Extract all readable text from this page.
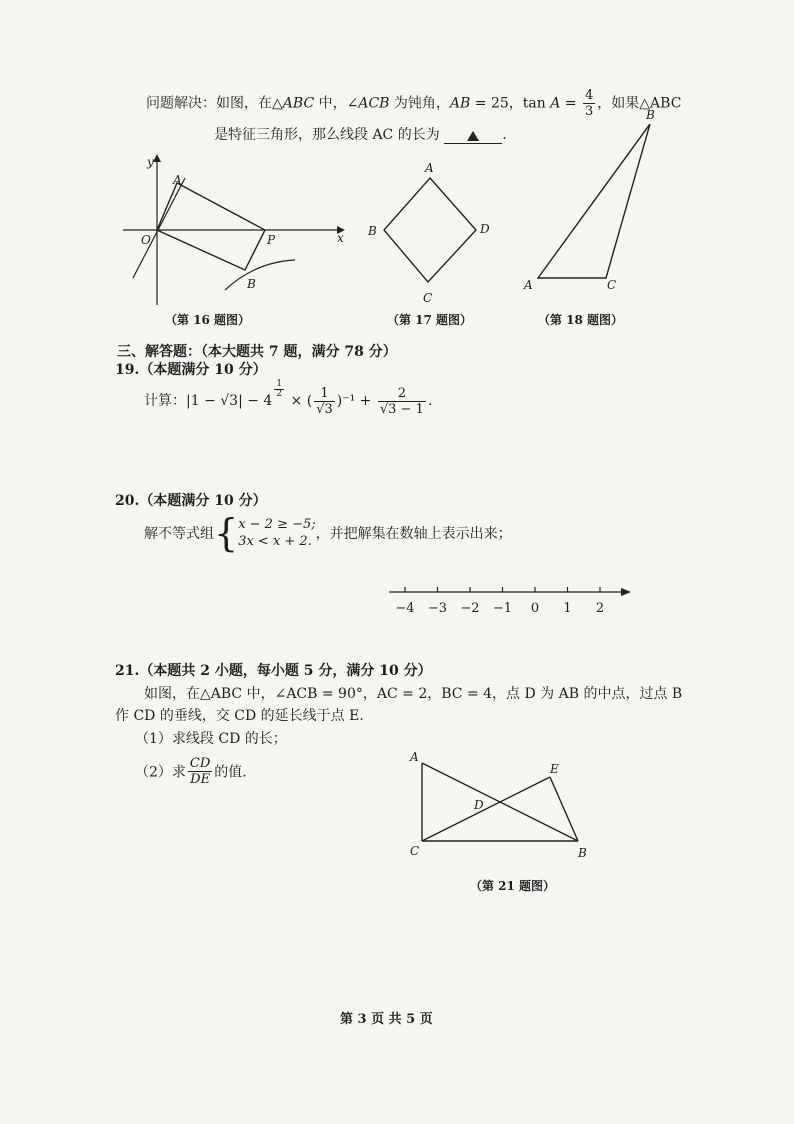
问题解决：如图，在△ABC 中，∠ACB 为钝角，AB = 25，$\tan A = \frac{4}{3}$ ，如果△ABC
是特征三角形，那么线段 AC 的长为	.
y
x
O
A
P
B
（第 16 题图）
A
B	D
C
（第 17 题图）
A
B
C
（第 18 题图）
三、解答题：（本大题共 7 题，满分 78 分）
19.（本题满分 10 分）
计算：|1 − √3| − 4
$^{\frac{1}{2}}$
× ( $\frac{1}{√3} )^{-1} + \frac{2}{√3 - 1}$ .
20.（本题满分 10 分）
解不等式组{ x − 2 ≥ −5;
3x < x + 2. ，并把解集在数轴上表示出来；
−4 −3 −2 −1 0 1 2
21.（本题共 2 小题，每小题 5 分，满分 10 分）
如图，在△ABC 中，∠ACB = 90°，AC = 2，BC = 4，点 D 为 AB 的中点，过点 B
作 CD 的垂线，交 CD 的延长线于点 E.
（1）求线段 CD 的长；
（2）求 $\frac{CD}{DE}$ 的值.
A
C	B
E
D
（第 21 题图）
第 3 页 共 5 页
